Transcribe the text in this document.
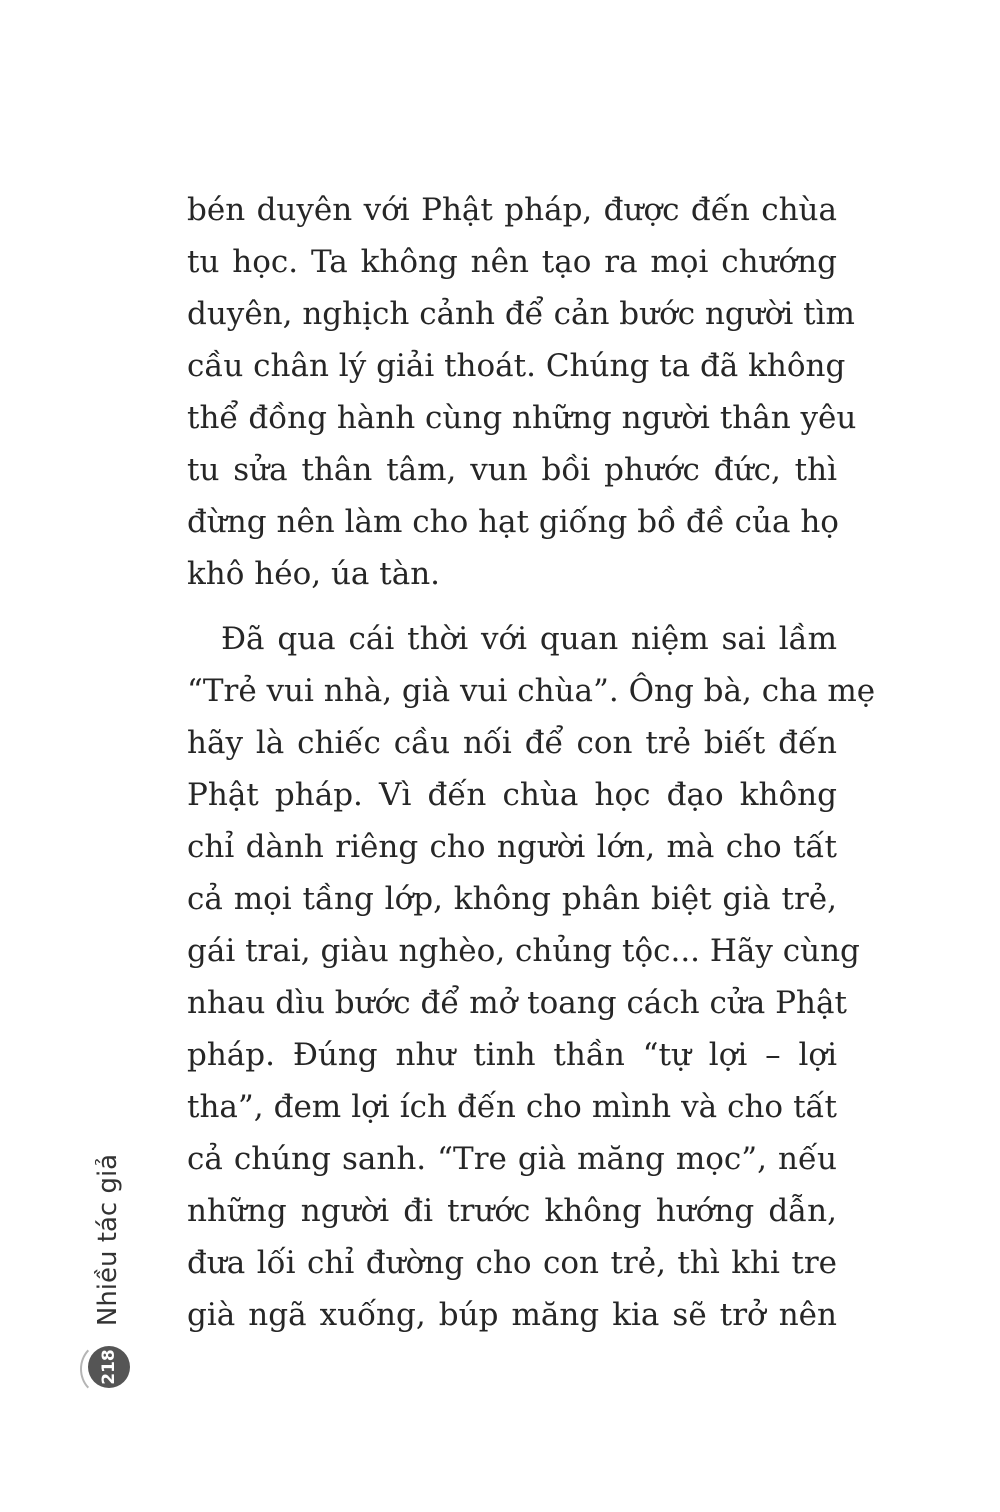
bén duyên với Phật pháp, được đến chùa
tu học. Ta không nên tạo ra mọi chướng
duyên, nghịch cảnh để cản bước người tìm
cầu chân lý giải thoát. Chúng ta đã không
thể đồng hành cùng những người thân yêu
tu sửa thân tâm, vun bồi phước đức, thì
đừng nên làm cho hạt giống bồ đề của họ
khô héo, úa tàn.

Đã qua cái thời với quan niệm sai lầm
“Trẻ vui nhà, già vui chùa”. Ông bà, cha mẹ
hãy là chiếc cầu nối để con trẻ biết đến
Phật pháp. Vì đến chùa học đạo không
chỉ dành riêng cho người lớn, mà cho tất
cả mọi tầng lớp, không phân biệt già trẻ,
gái trai, giàu nghèo, chủng tộc... Hãy cùng
nhau dìu bước để mở toang cách cửa Phật
pháp. Đúng như tinh thần “tự lợi – lợi
tha”, đem lợi ích đến cho mình và cho tất
cả chúng sanh. “Tre già măng mọc”, nếu
những người đi trước không hướng dẫn,
đưa lối chỉ đường cho con trẻ, thì khi tre
già ngã xuống, búp măng kia sẽ trở nên

Nhiều tác giả
218
